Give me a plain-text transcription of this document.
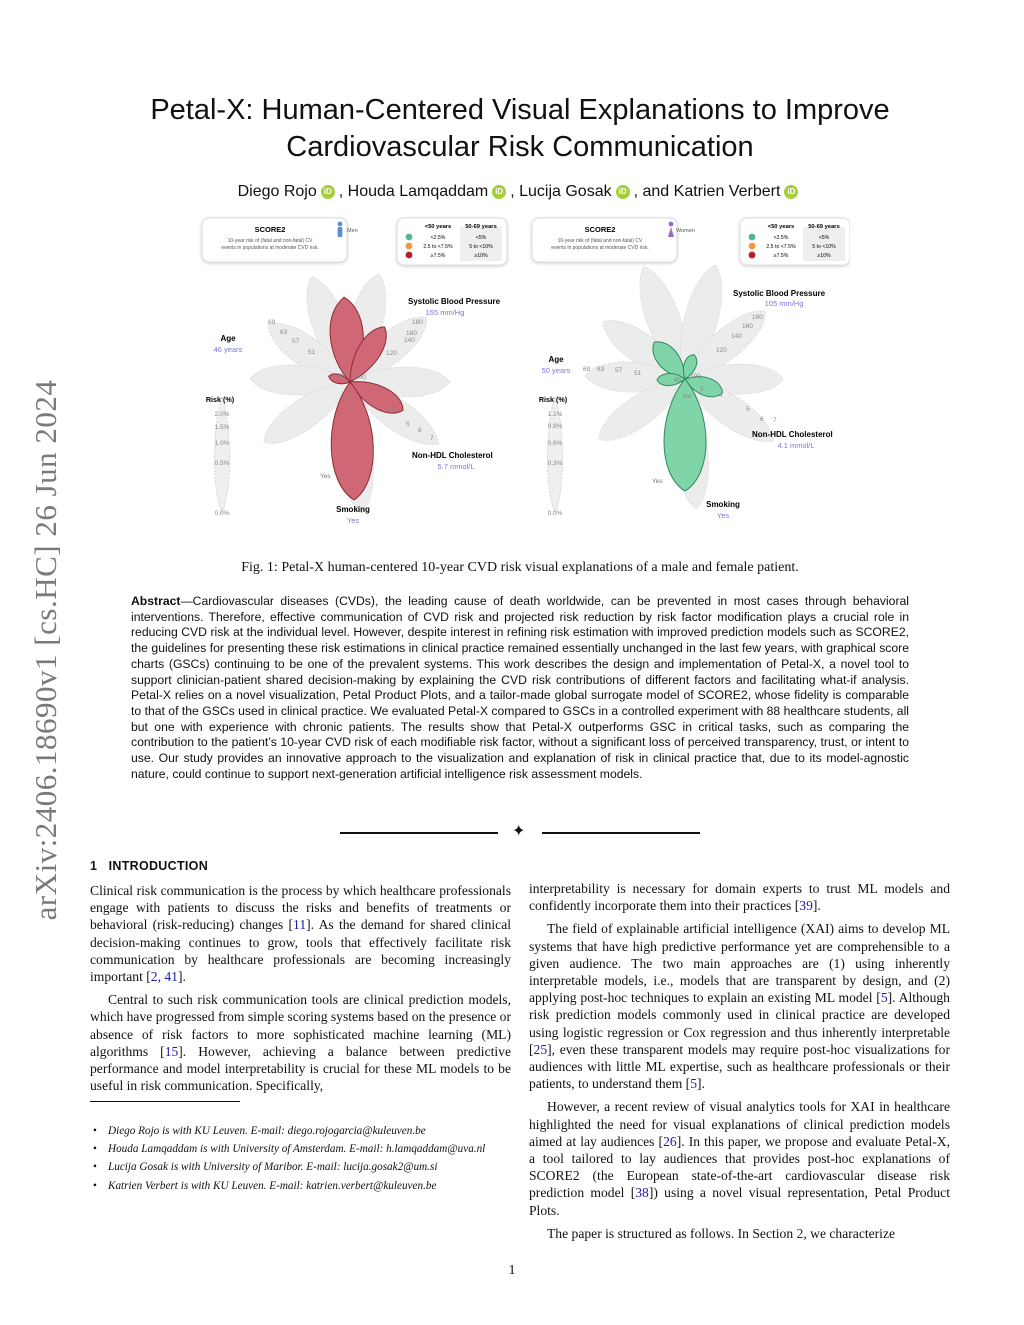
arXiv:2406.18690v1 [cs.HC] 26 Jun 2024
Petal-X: Human-Centered Visual Explanations to Improve
Cardiovascular Risk Communication
Diego Rojo iD , Houda Lamqaddam iD , Lucija Gosak iD , and Katrien Verbert iD
SCORE2
10-year risk of (fatal and non-fatal) CV
events in populations at moderate CVD risk.
Men
<50 years 50-69 years
<2.5%	<5%
2.5 to <7.5%	5 to <10%
≥7.5%	≥10%
Risk (%)
2.0%
1.5%
1.0%
0.5%
0.0%
180
160
140
120
100
69
63
57
51
45
3
4
5
6
7
No
Yes
Systolic Blood Pressure
155 mm/Hg
Age
46 years
Non-HDL Cholesterol
5.7 mmol/L
Smoking
Yes
SCORE2
10-year risk of (fatal and non-fatal) CV
events in populations at moderate CVD risk.
Women
<50 years 50-69 years
<2.5%	<5%
2.5 to <7.5%	5 to <10%
≥7.5%	≥10%
Risk (%)
1.1%
0.9%
0.6%
0.3%
0.0%
180
160
140
120
100
69 63 57 51
45
3
4
5
6 7
No
Yes
Systolic Blood Pressure
105 mm/Hg
Age
50 years
Non-HDL Cholesterol
4.1 mmol/L
Smoking
Yes
Fig. 1: Petal-X human-centered 10-year CVD risk visual explanations of a male and female patient.
Abstract—Cardiovascular diseases (CVDs), the leading cause of death worldwide, can be prevented in most cases through behavioral interventions. Therefore, effective communication of CVD risk and projected risk reduction by risk factor modification plays a crucial role in reducing CVD risk at the individual level. However, despite interest in refining risk estimation with improved prediction models such as SCORE2, the guidelines for presenting these risk estimations in clinical practice remained essentially unchanged in the last few years, with graphical score charts (GSCs) continuing to be one of the prevalent systems. This work describes the design and implementation of Petal-X, a novel tool to support clinician-patient shared decision-making by explaining the CVD risk contributions of different factors and facilitating what-if analysis. Petal-X relies on a novel visualization, Petal Product Plots, and a tailor-made global surrogate model of SCORE2, whose fidelity is comparable to that of the GSCs used in clinical practice. We evaluated Petal-X compared to GSCs in a controlled experiment with 88 healthcare students, all but one with experience with chronic patients. The results show that Petal-X outperforms GSC in critical tasks, such as comparing the contribution to the patient’s 10-year CVD risk of each modifiable risk factor, without a significant loss of perceived transparency, trust, or intent to use. Our study provides an innovative approach to the visualization and explanation of risk in clinical practice that, due to its model-agnostic nature, could continue to support next-generation artificial intelligence risk assessment models.
✦
1 INTRODUCTION

Clinical risk communication is the process by which healthcare professionals engage with patients to discuss the risks and benefits of treatments or behavioral (risk-reducing) changes [11]. As the demand for shared clinical decision-making continues to grow, tools that effectively facilitate risk communication by healthcare professionals are becoming increasingly important [2, 41].

Central to such risk communication tools are clinical prediction models, which have progressed from simple scoring systems based on the presence or absence of risk factors to more sophisticated machine learning (ML) algorithms [15]. However, achieving a balance between predictive performance and model interpretability is crucial for these ML models to be useful in risk communication. Specifically,

interpretability is necessary for domain experts to trust ML models and confidently incorporate them into their practices [39].

The field of explainable artificial intelligence (XAI) aims to develop ML systems that have high predictive performance yet are comprehensible to a given audience. The two main approaches are (1) using inherently interpretable models, i.e., models that are transparent by design, and (2) applying post-hoc techniques to explain an existing ML model [5]. Although risk prediction models commonly used in clinical practice are developed using logistic regression or Cox regression and thus inherently interpretable [25], even these transparent models may require post-hoc visualizations for audiences with little ML expertise, such as healthcare professionals or their patients, to understand them [5].

However, a recent review of visual analytics tools for XAI in healthcare highlighted the need for visual explanations of clinical prediction models aimed at lay audiences [26]. In this paper, we propose and evaluate Petal-X, a tool tailored to lay audiences that provides post-hoc explanations of SCORE2 (the European state-of-the-art cardiovascular disease risk prediction model [38]) using a novel visual representation, Petal Product Plots.

The paper is structured as follows. In Section 2, we characterize

• Diego Rojo is with KU Leuven. E-mail: diego.rojogarcia@kuleuven.be
• Houda Lamqaddam is with University of Amsterdam. E-mail: h.lamqaddam@uva.nl
• Lucija Gosak is with University of Maribor. E-mail: lucija.gosak2@um.si
• Katrien Verbert is with KU Leuven. E-mail: katrien.verbert@kuleuven.be
1
